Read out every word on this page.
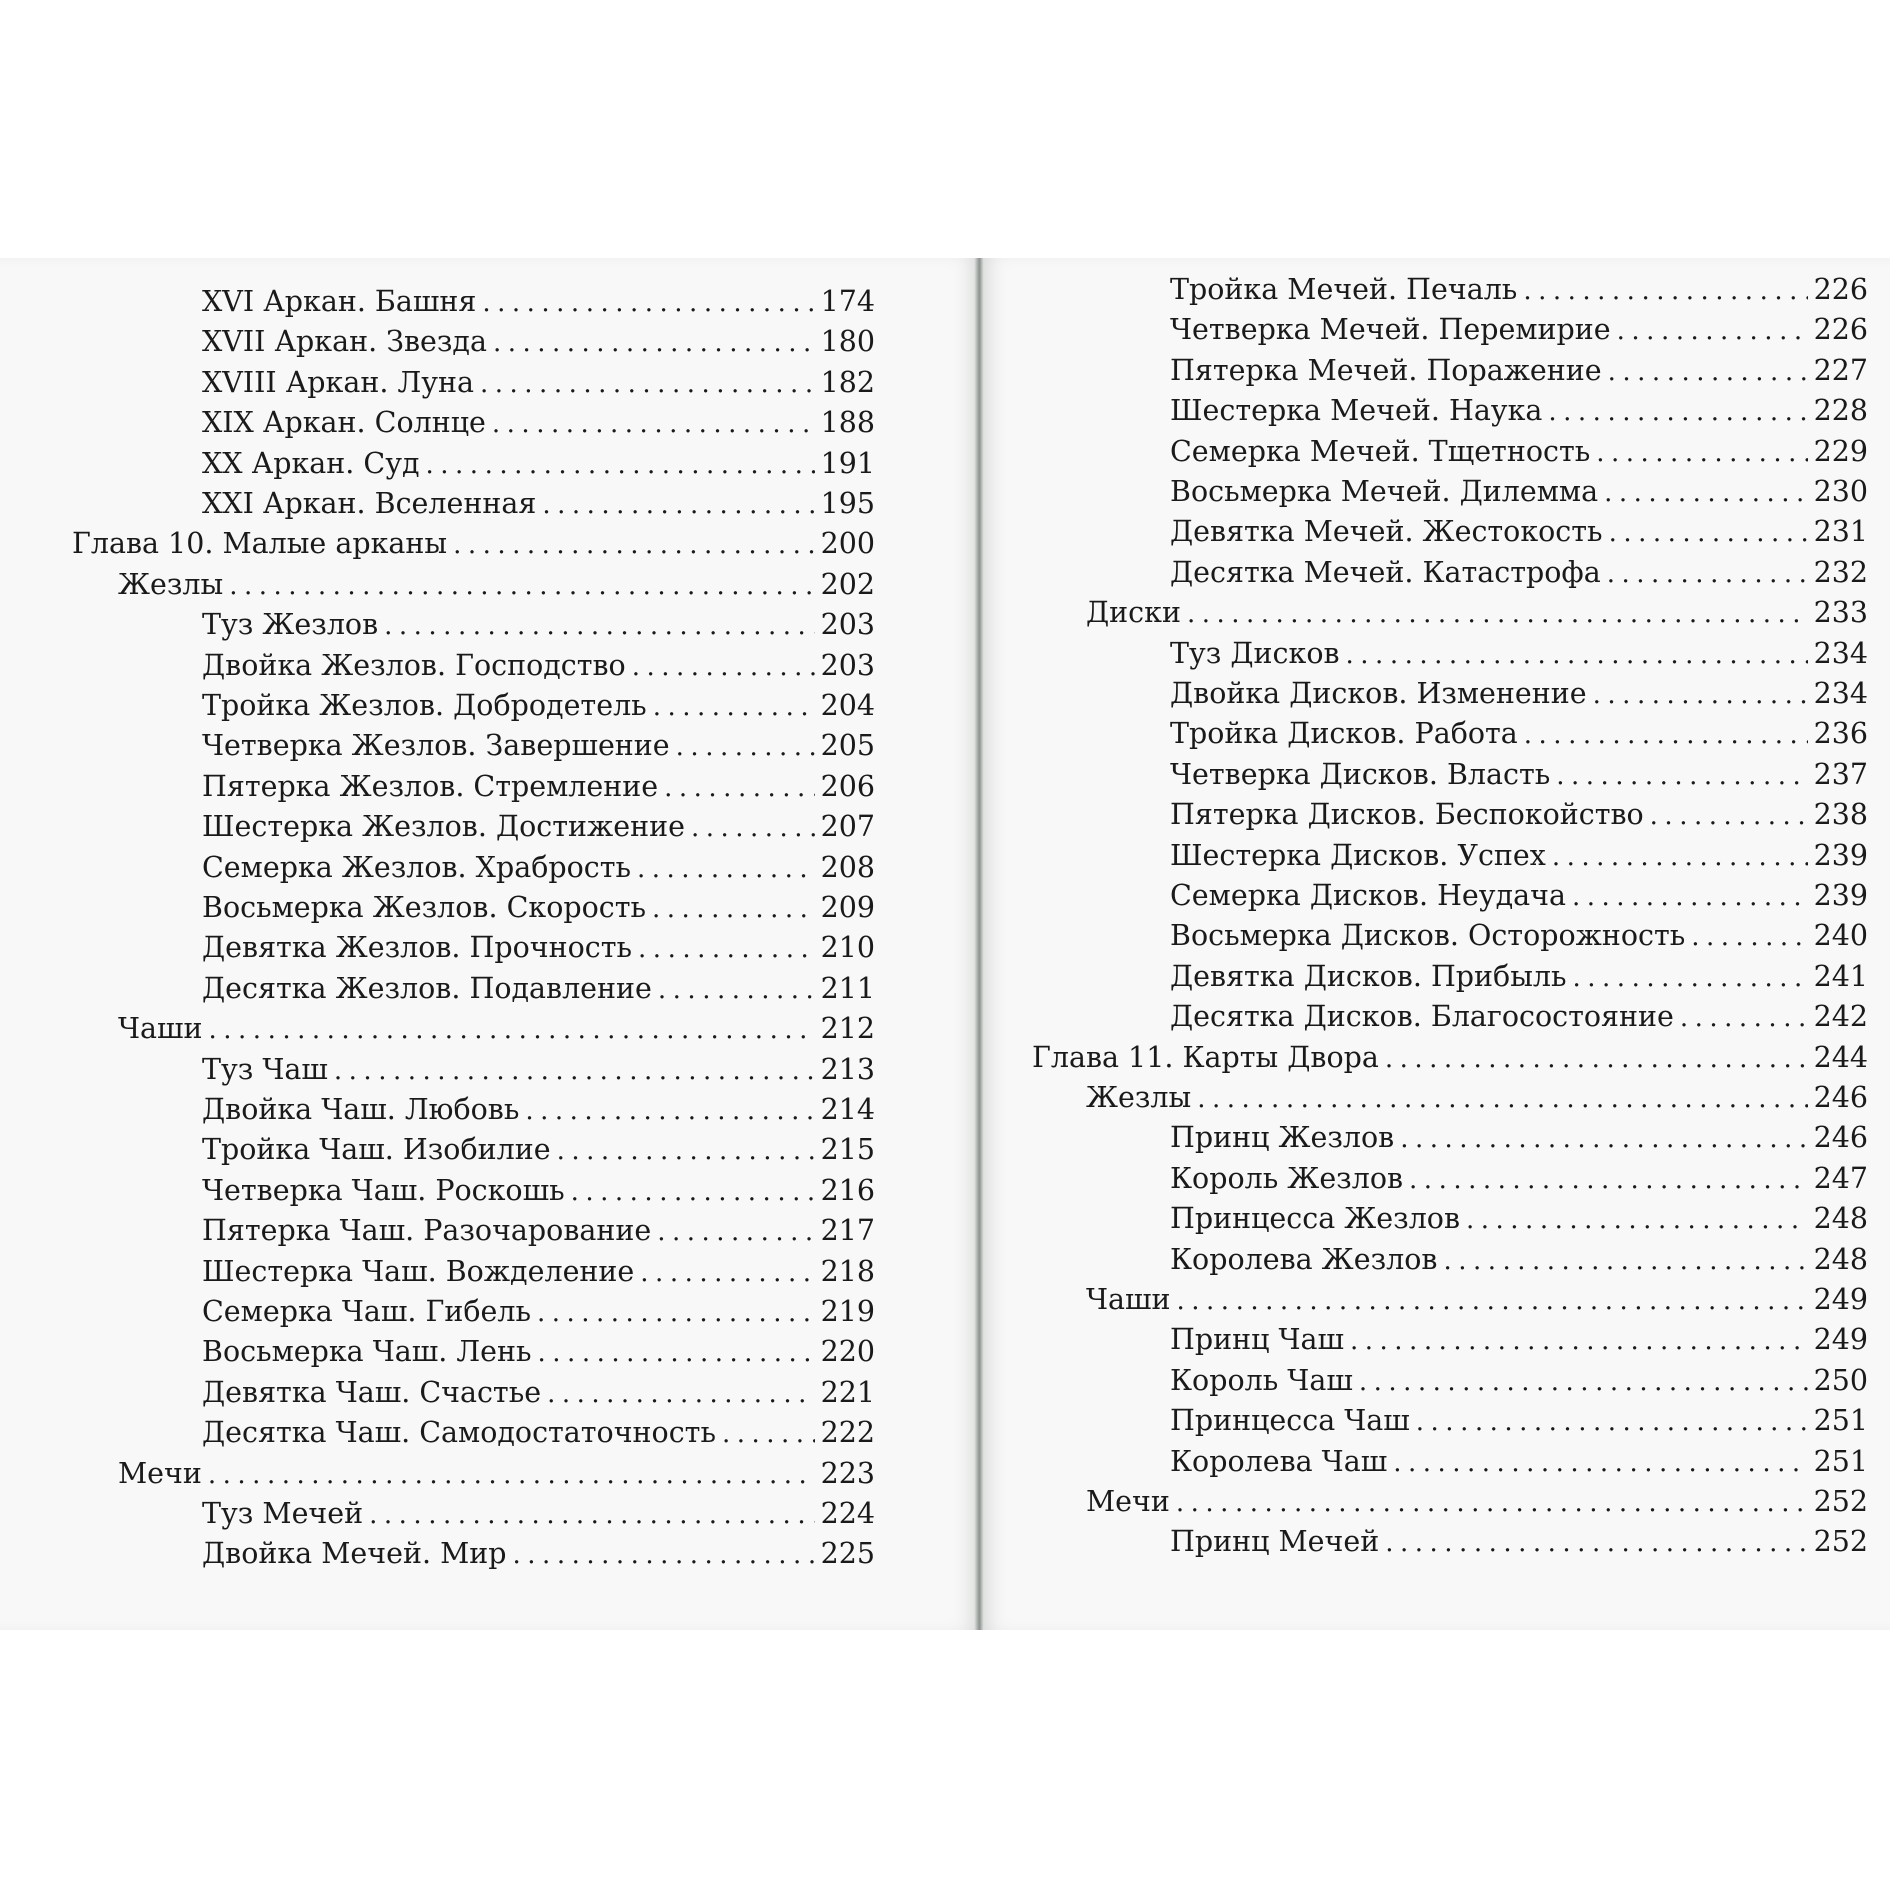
XVI Аркан. Башня .....	174
XVII Аркан. Звезда .....	180
XVIII Аркан. Луна .....	182
XIX Аркан. Солнце .....	188
XX Аркан. Суд .....	191
XXI Аркан. Вселенная .....	195
Глава 10. Малые арканы .....	200
Жезлы .....	202
Туз Жезлов .....	203
Двойка Жезлов. Господство .....	203
Тройка Жезлов. Добродетель .....	204
Четверка Жезлов. Завершение .....	205
Пятерка Жезлов. Стремление .....	206
Шестерка Жезлов. Достижение .....	207
Семерка Жезлов. Храбрость .....	208
Восьмерка Жезлов. Скорость .....	209
Девятка Жезлов. Прочность .....	210
Десятка Жезлов. Подавление .....	211
Чаши .....	212
Туз Чаш .....	213
Двойка Чаш. Любовь .....	214
Тройка Чаш. Изобилие .....	215
Четверка Чаш. Роскошь .....	216
Пятерка Чаш. Разочарование .....	217
Шестерка Чаш. Вожделение .....	218
Семерка Чаш. Гибель .....	219
Восьмерка Чаш. Лень .....	220
Девятка Чаш. Счастье .....	221
Десятка Чаш. Самодостаточность .....	222
Мечи .....	223
Туз Мечей .....	224
Двойка Мечей. Мир .....	225
Тройка Мечей. Печаль .....	226
Четверка Мечей. Перемирие .....	226
Пятерка Мечей. Поражение .....	227
Шестерка Мечей. Наука .....	228
Семерка Мечей. Тщетность .....	229
Восьмерка Мечей. Дилемма .....	230
Девятка Мечей. Жестокость .....	231
Десятка Мечей. Катастрофа .....	232
Диски .....	233
Туз Дисков .....	234
Двойка Дисков. Изменение .....	234
Тройка Дисков. Работа .....	236
Четверка Дисков. Власть .....	237
Пятерка Дисков. Беспокойство .....	238
Шестерка Дисков. Успех .....	239
Семерка Дисков. Неудача .....	239
Восьмерка Дисков. Осторожность .....	240
Девятка Дисков. Прибыль .....	241
Десятка Дисков. Благосостояние .....	242
Глава 11. Карты Двора .....	244
Жезлы .....	246
Принц Жезлов .....	246
Король Жезлов .....	247
Принцесса Жезлов .....	248
Королева Жезлов .....	248
Чаши .....	249
Принц Чаш .....	249
Король Чаш .....	250
Принцесса Чаш .....	251
Королева Чаш .....	251
Мечи .....	252
Принц Мечей .....	252
